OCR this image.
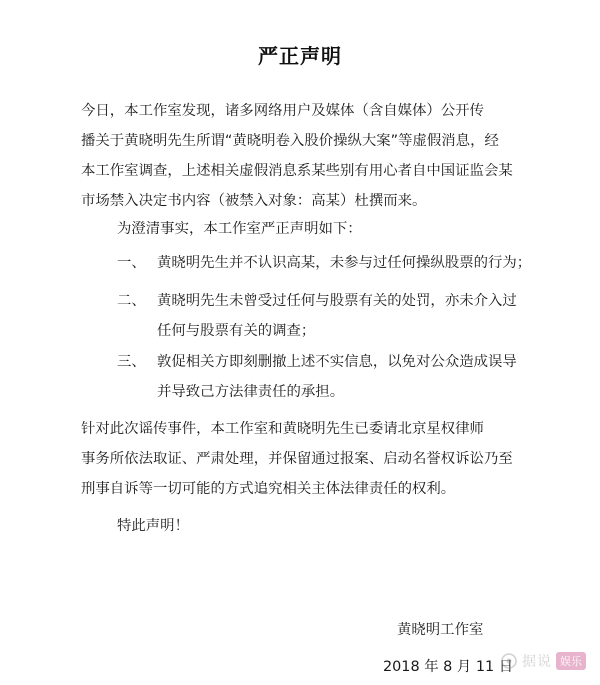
严正声明

今日，本工作室发现，诸多网络用户及媒体（含自媒体）公开传
播关于黄晓明先生所谓“黄晓明卷入股价操纵大案”等虚假消息，经
本工作室调查，上述相关虚假消息系某些别有用心者自中国证监会某
市场禁入决定书内容（被禁入对象：高某）杜撰而来。

为澄清事实，本工作室严正声明如下：

一、 黄晓明先生并不认识高某，未参与过任何操纵股票的行为；
二、 黄晓明先生未曾受过任何与股票有关的处罚，亦未介入过
任何与股票有关的调查；
三、 敦促相关方即刻删撤上述不实信息，以免对公众造成误导
并导致己方法律责任的承担。

针对此次谣传事件，本工作室和黄晓明先生已委请北京星权律师
事务所依法取证、严肃处理，并保留通过报案、启动名誉权诉讼乃至
刑事自诉等一切可能的方式追究相关主体法律责任的权利。

特此声明！

黄晓明工作室
2018 年 8 月 11 日 据说 娱乐
